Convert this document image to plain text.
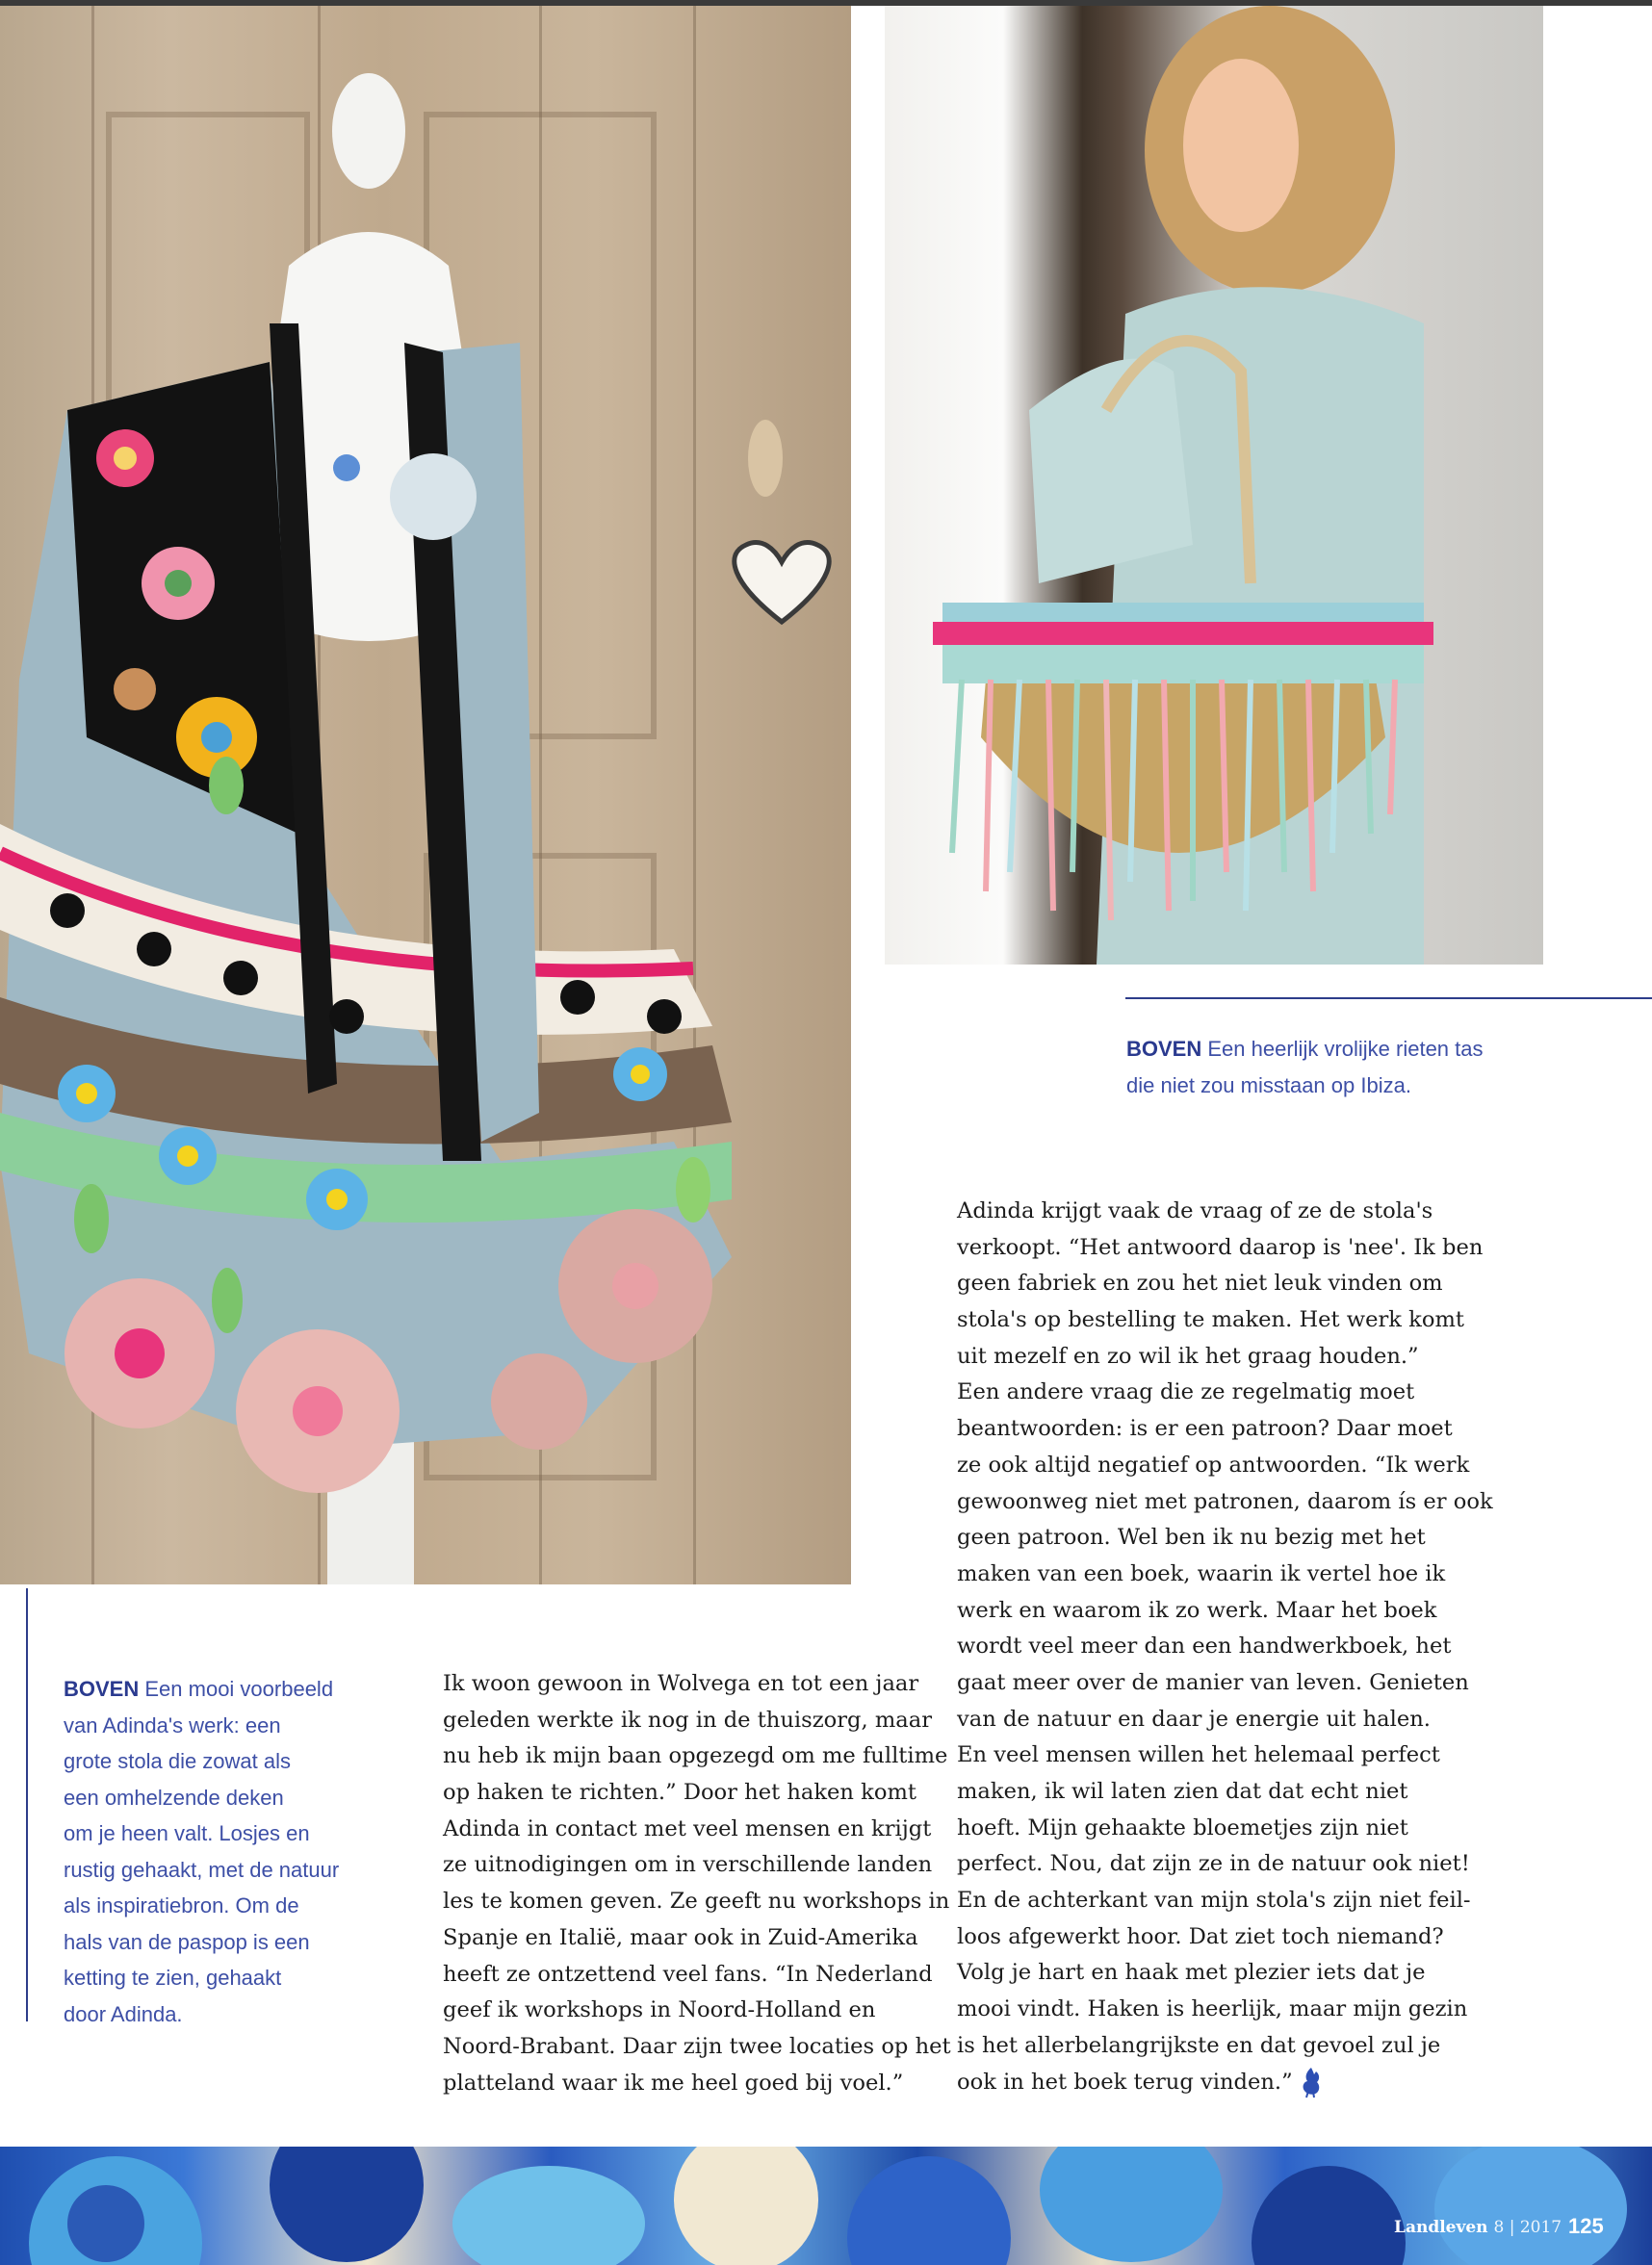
BOVEN Een heerlijk vrolijke rieten tas
die niet zou misstaan op Ibiza.
BOVEN Een mooi voorbeeld
van Adinda's werk: een
grote stola die zowat als
een omhelzende deken
om je heen valt. Losjes en
rustig gehaakt, met de natuur
als inspiratiebron. Om de
hals van de paspop is een
ketting te zien, gehaakt
door Adinda.
Ik woon gewoon in Wolvega en tot een jaar
geleden werkte ik nog in de thuiszorg, maar
nu heb ik mijn baan opgezegd om me fulltime
op haken te richten.” Door het haken komt
Adinda in contact met veel mensen en krijgt
ze uitnodigingen om in verschillende landen
les te komen geven. Ze geeft nu workshops in
Spanje en Italië, maar ook in Zuid-Amerika
heeft ze ontzettend veel fans. “In Nederland
geef ik workshops in Noord-Holland en
Noord-Brabant. Daar zijn twee locaties op het
platteland waar ik me heel goed bij voel.”
Adinda krijgt vaak de vraag of ze de stola's
verkoopt. “Het antwoord daarop is 'nee'. Ik ben
geen fabriek en zou het niet leuk vinden om
stola's op bestelling te maken. Het werk komt
uit mezelf en zo wil ik het graag houden.”
Een andere vraag die ze regelmatig moet
beantwoorden: is er een patroon? Daar moet
ze ook altijd negatief op antwoorden. “Ik werk
gewoonweg niet met patronen, daarom ís er ook
geen patroon. Wel ben ik nu bezig met het
maken van een boek, waarin ik vertel hoe ik
werk en waarom ik zo werk. Maar het boek
wordt veel meer dan een handwerkboek, het
gaat meer over de manier van leven. Genieten
van de natuur en daar je energie uit halen.
En veel mensen willen het helemaal perfect
maken, ik wil laten zien dat dat echt niet
hoeft. Mijn gehaakte bloemetjes zijn niet
perfect. Nou, dat zijn ze in de natuur ook niet!
En de achterkant van mijn stola's zijn niet feil-
loos afgewerkt hoor. Dat ziet toch niemand?
Volg je hart en haak met plezier iets dat je
mooi vindt. Haken is heerlijk, maar mijn gezin
is het allerbelangrijkste en dat gevoel zul je
ook in het boek terug vinden.”
Landleven 8 | 2017 125
